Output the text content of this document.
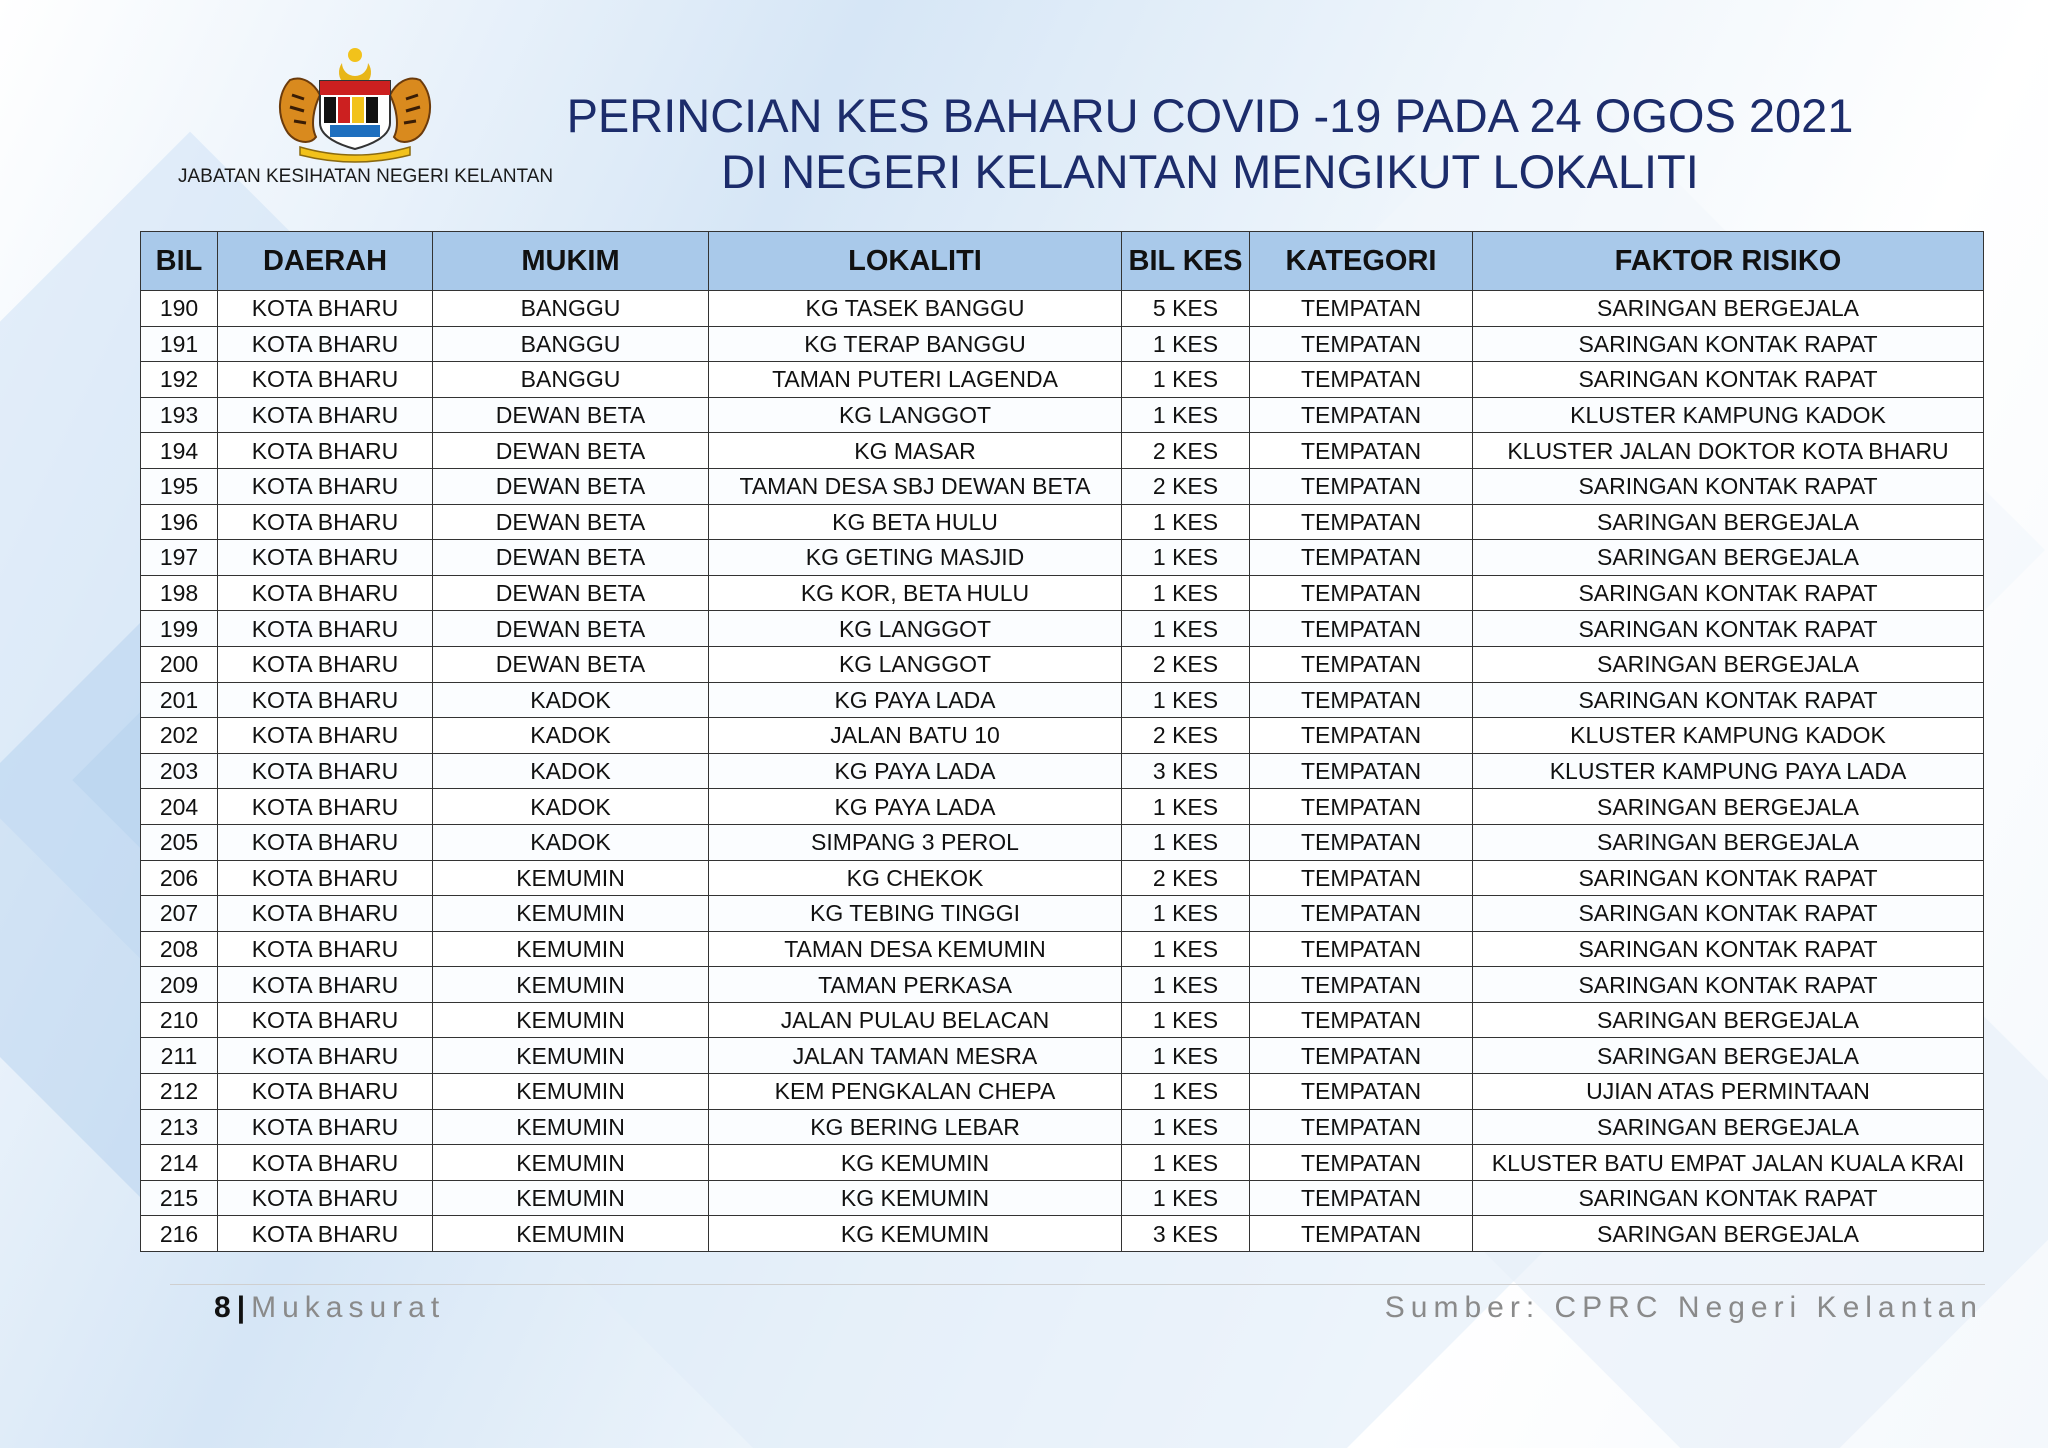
JABATAN KESIHATAN NEGERI KELANTAN
PERINCIAN KES BAHARU COVID -19 PADA 24 OGOS 2021
DI NEGERI KELANTAN MENGIKUT LOKALITI
BIL	DAERAH	MUKIM	LOKALITI	BIL KES	KATEGORI	FAKTOR RISIKO
190	KOTA BHARU	BANGGU	KG TASEK BANGGU	5 KES	TEMPATAN	SARINGAN BERGEJALA
191	KOTA BHARU	BANGGU	KG TERAP BANGGU	1 KES	TEMPATAN	SARINGAN KONTAK RAPAT
192	KOTA BHARU	BANGGU	TAMAN PUTERI LAGENDA	1 KES	TEMPATAN	SARINGAN KONTAK RAPAT
193	KOTA BHARU	DEWAN BETA	KG LANGGOT	1 KES	TEMPATAN	KLUSTER KAMPUNG KADOK
194	KOTA BHARU	DEWAN BETA	KG MASAR	2 KES	TEMPATAN	KLUSTER JALAN DOKTOR KOTA BHARU
195	KOTA BHARU	DEWAN BETA	TAMAN DESA SBJ DEWAN BETA	2 KES	TEMPATAN	SARINGAN KONTAK RAPAT
196	KOTA BHARU	DEWAN BETA	KG BETA HULU	1 KES	TEMPATAN	SARINGAN BERGEJALA
197	KOTA BHARU	DEWAN BETA	KG GETING MASJID	1 KES	TEMPATAN	SARINGAN BERGEJALA
198	KOTA BHARU	DEWAN BETA	KG KOR, BETA HULU	1 KES	TEMPATAN	SARINGAN KONTAK RAPAT
199	KOTA BHARU	DEWAN BETA	KG LANGGOT	1 KES	TEMPATAN	SARINGAN KONTAK RAPAT
200	KOTA BHARU	DEWAN BETA	KG LANGGOT	2 KES	TEMPATAN	SARINGAN BERGEJALA
201	KOTA BHARU	KADOK	KG PAYA LADA	1 KES	TEMPATAN	SARINGAN KONTAK RAPAT
202	KOTA BHARU	KADOK	JALAN BATU 10	2 KES	TEMPATAN	KLUSTER KAMPUNG KADOK
203	KOTA BHARU	KADOK	KG PAYA LADA	3 KES	TEMPATAN	KLUSTER KAMPUNG PAYA LADA
204	KOTA BHARU	KADOK	KG PAYA LADA	1 KES	TEMPATAN	SARINGAN BERGEJALA
205	KOTA BHARU	KADOK	SIMPANG 3 PEROL	1 KES	TEMPATAN	SARINGAN BERGEJALA
206	KOTA BHARU	KEMUMIN	KG CHEKOK	2 KES	TEMPATAN	SARINGAN KONTAK RAPAT
207	KOTA BHARU	KEMUMIN	KG TEBING TINGGI	1 KES	TEMPATAN	SARINGAN KONTAK RAPAT
208	KOTA BHARU	KEMUMIN	TAMAN DESA KEMUMIN	1 KES	TEMPATAN	SARINGAN KONTAK RAPAT
209	KOTA BHARU	KEMUMIN	TAMAN PERKASA	1 KES	TEMPATAN	SARINGAN KONTAK RAPAT
210	KOTA BHARU	KEMUMIN	JALAN PULAU BELACAN	1 KES	TEMPATAN	SARINGAN BERGEJALA
211	KOTA BHARU	KEMUMIN	JALAN TAMAN MESRA	1 KES	TEMPATAN	SARINGAN BERGEJALA
212	KOTA BHARU	KEMUMIN	KEM PENGKALAN CHEPA	1 KES	TEMPATAN	UJIAN ATAS PERMINTAAN
213	KOTA BHARU	KEMUMIN	KG BERING LEBAR	1 KES	TEMPATAN	SARINGAN BERGEJALA
214	KOTA BHARU	KEMUMIN	KG KEMUMIN	1 KES	TEMPATAN	KLUSTER BATU EMPAT JALAN KUALA KRAI
215	KOTA BHARU	KEMUMIN	KG KEMUMIN	1 KES	TEMPATAN	SARINGAN KONTAK RAPAT
216	KOTA BHARU	KEMUMIN	KG KEMUMIN	3 KES	TEMPATAN	SARINGAN BERGEJALA
8 | Mukasurat	Sumber: CPRC Negeri Kelantan
